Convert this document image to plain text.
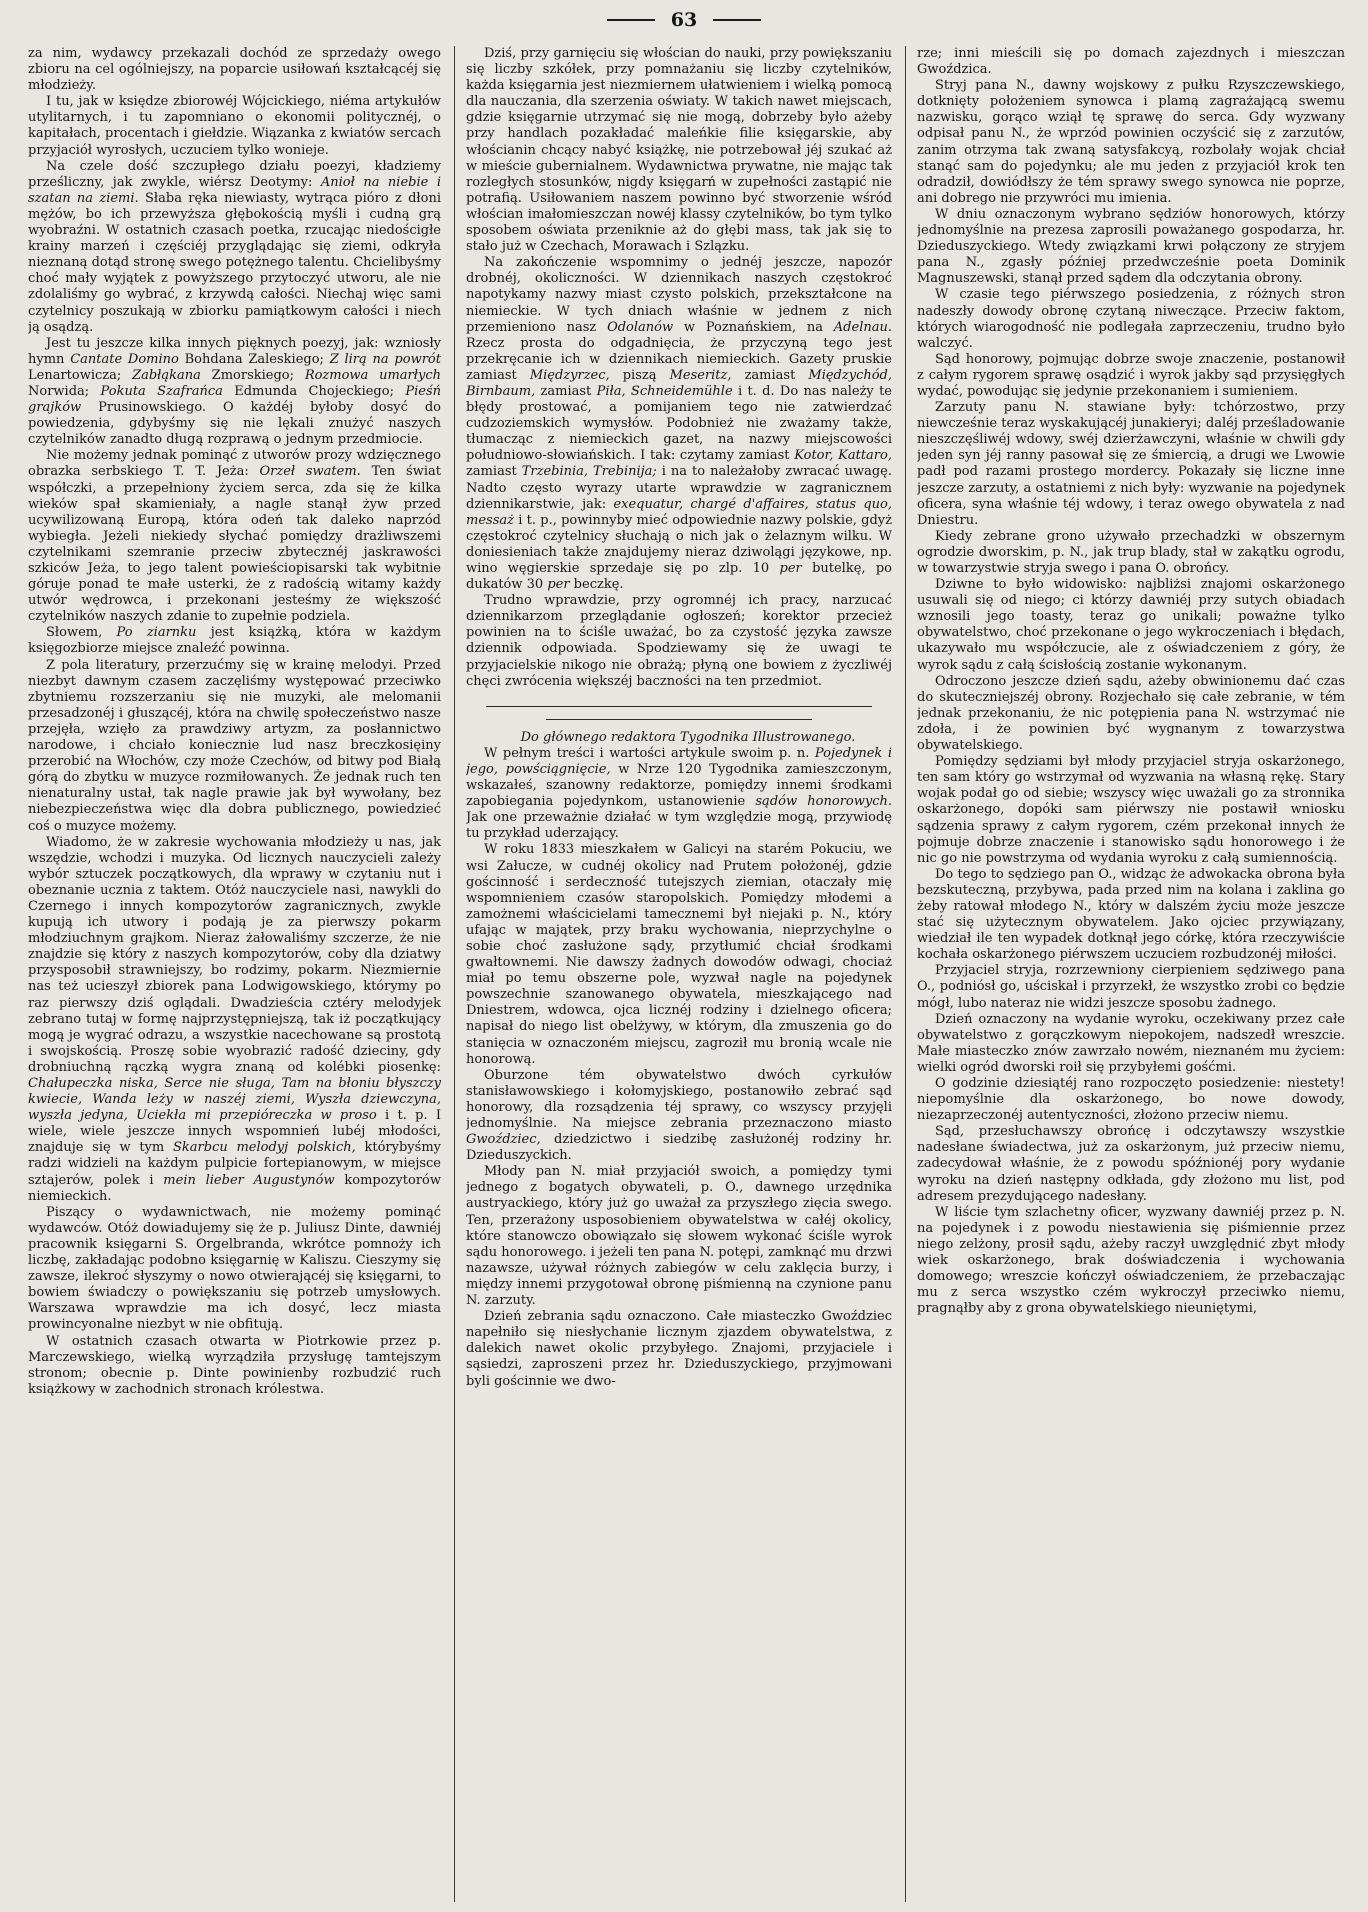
63

za nim, wydawcy przekazali dochód ze sprzedaży owego zbioru na cel ogólniejszy, na poparcie usiłowań kształcącéj się młodzieży.

I tu, jak w księdze zbiorowéj Wójcickiego, niéma artykułów utylitarnych, i tu zapomniano o ekonomii politycznéj, o kapitałach, procentach i giełdzie. Wiązanka z kwiatów sercach przyjaciół wyrosłych, uczuciem tylko wonieje.

Na czele dość szczupłego działu poezyi, kładziemy prześliczny, jak zwykle, wiérsz Deotymy: Anioł na niebie i szatan na ziemi. Słaba ręka niewiasty, wytrąca pióro z dłoni mężów, bo ich przewyższa głębokością myśli i cudną grą wyobraźni. W ostatnich czasach poetka, rzucając niedościgłe krainy marzeń i częściéj przyglądając się ziemi, odkryła nieznaną dotąd stronę swego potężnego talentu. Chcielibyśmy choć mały wyjątek z powyższego przytoczyć utworu, ale nie zdolaliśmy go wybrać, z krzywdą całości. Niechaj więc sami czytelnicy poszukają w zbiorku pamiątkowym całości i niech ją osądzą.

Jest tu jeszcze kilka innych pięknych poezyj, jak: wzniosły hymn Cantate Domino Bohdana Zaleskiego; Z lirą na powrót Lenartowicza; Zabłąkana Zmorskiego; Rozmowa umarłych Norwida; Pokuta Szafrańca Edmunda Chojeckiego; Pieśń grajków Prusinowskiego. O każdéj byłoby dosyć do powiedzenia, gdybyśmy się nie lękali znużyć naszych czytelników zanadto długą rozprawą o jednym przedmiocie.

Nie możemy jednak pominąć z utworów prozy wdzięcznego obrazka serbskiego T. T. Jeża: Orzeł swatem. Ten świat współczki, a przepełniony życiem serca, zda się że kilka wieków spał skamieniały, a nagle stanął żyw przed ucywilizowaną Europą, która odeń tak daleko naprzód wybiegła. Jeżeli niekiedy słychać pomiędzy drażliwszemi czytelnikami szemranie przeciw zbytecznéj jaskrawości szkiców Jeża, to jego talent powieściopisarski tak wybitnie góruje ponad te małe usterki, że z radością witamy każdy utwór wędrowca, i przekonani jesteśmy że większość czytelników naszych zdanie to zupełnie podziela.

Słowem, Po ziarnku jest książką, która w każdym księgozbiorze miejsce znaleźć powinna.

Z pola literatury, przerzućmy się w krainę melodyi. Przed niezbyt dawnym czasem zaczęliśmy występować przeciwko zbytniemu rozszerzaniu się nie muzyki, ale melomanii przesadzonéj i głuszącéj, która na chwilę społeczeństwo nasze przejęła, wzięło za prawdziwy artyzm, za posłannictwo narodowe, i chciało koniecznie lud nasz breczkosięiny przerobić na Włochów, czy może Czechów, od bitwy pod Białą górą do zbytku w muzyce rozmiłowanych. Że jednak ruch ten nienaturalny ustał, tak nagle prawie jak był wywołany, bez niebezpieczeństwa więc dla dobra publicznego, powiedzieć coś o muzyce możemy.

Wiadomo, że w zakresie wychowania młodzieży u nas, jak wszędzie, wchodzi i muzyka. Od licznych nauczycieli zależy wybór sztuczek początkowych, dla wprawy w czytaniu nut i obeznanie ucznia z taktem. Otóż nauczyciele nasi, nawykli do Czernego i innych kompozytorów zagranicznych, zwykle kupują ich utwory i podają je za pierwszy pokarm młodziuchnym grajkom. Nieraz żałowaliśmy szczerze, że nie znajdzie się który z naszych kompozytorów, coby dla dziatwy przysposobił strawniejszy, bo rodzimy, pokarm. Niezmiernie nas też ucieszył zbiorek pana Lodwigowskiego, którymy po raz pierwszy dziś oglądali. Dwadzieścia cztéry melodyjek zebrano tutaj w formę najprzystępniejszą, tak iż początkujący mogą je wygrać odrazu, a wszystkie nacechowane są prostotą i swojskością. Proszę sobie wyobrazić radość dzieciny, gdy drobniuchną rączką wygra znaną od kolébki piosenkę: Chałupeczka niska, Serce nie sługa, Tam na błoniu błyszczy kwiecie, Wanda leży w naszéj ziemi, Wyszła dziewczyna, wyszła jedyna, Uciekła mi przepióreczka w proso i t. p. I wiele, wiele jeszcze innych wspomnień lubéj młodości, znajduje się w tym Skarbcu melodyj polskich, którybyśmy radzi widzieli na każdym pulpicie fortepianowym, w miejsce sztajerów, polek i mein lieber Augustynów kompozytorów niemieckich.

Piszący o wydawnictwach, nie możemy pominąć wydawców. Otóż dowiadujemy się że p. Juliusz Dinte, dawniéj pracownik księgarni S. Orgelbranda, wkrótce pomnoży ich liczbę, zakładając podobno księgarnię w Kaliszu. Cieszymy się zawsze, ilekroć słyszymy o nowo otwierającéj się księgarni, to bowiem świadczy o powiększaniu się potrzeb umysłowych. Warszawa wprawdzie ma ich dosyć, lecz miasta prowincyonalne niezbyt w nie obfitują.

W ostatnich czasach otwarta w Piotrkowie przez p. Marczewskiego, wielką wyrządziła przysługę tamtejszym stronom; obecnie p. Dinte powinienby rozbudzić ruch książkowy w zachodnich stronach królestwa.

Dziś, przy garnięciu się włościan do nauki, przy powiększaniu się liczby szkółek, przy pomnażaniu się liczby czytelników, każda księgarnia jest niezmiernem ułatwieniem i wielką pomocą dla nauczania, dla szerzenia oświaty. W takich nawet miejscach, gdzie księgarnie utrzymać się nie mogą, dobrzeby było ażeby przy handlach pozakładać maleńkie filie księgarskie, aby włościanin chcący nabyć książkę, nie potrzebował jéj szukać aż w mieście gubernialnem. Wydawnictwa prywatne, nie mając tak rozległych stosunków, nigdy księgarń w zupełności zastąpić nie potrafią. Usiłowaniem naszem powinno być stworzenie wśród włościan imałomieszczan nowéj klassy czytelników, bo tym tylko sposobem oświata przeniknie aż do głębi mass, tak jak się to stało już w Czechach, Morawach i Szlązku.

Na zakończenie wspomnimy o jednéj jeszcze, napozór drobnéj, okoliczności. W dziennikach naszych częstokroć napotykamy nazwy miast czysto polskich, przekształcone na niemieckie. W tych dniach właśnie w jednem z nich przemieniono nasz Odolanów w Poznańskiem, na Adelnau. Rzecz prosta do odgadnięcia, że przyczyną tego jest przekręcanie ich w dziennikach niemieckich. Gazety pruskie zamiast Międzyrzec, piszą Meseritz, zamiast Międzychód, Birnbaum, zamiast Piła, Schneidemühle i t. d. Do nas należy te błędy prostować, a pomijaniem tego nie zatwierdzać cudzoziemskich wymysłów. Podobnież nie zważamy także, tłumacząc z niemieckich gazet, na nazwy miejscowości południowo-słowiańskich. I tak: czytamy zamiast Kotor, Kattaro, zamiast Trzebinia, Trebinija; i na to należałoby zwracać uwagę. Nadto często wyrazy utarte wprawdzie w zagranicznem dziennikarstwie, jak: exequatur, chargé d'affaires, status quo, messaż i t. p., powinnyby mieć odpowiednie nazwy polskie, gdyż częstokroć czytelnicy słuchają o nich jak o żelaznym wilku. W doniesieniach także znajdujemy nieraz dziwolągi językowe, np. wino węgierskie sprzedaje się po zlp. 10 per butelkę, po dukatów 30 per beczkę.

Trudno wprawdzie, przy ogromnéj ich pracy, narzucać dziennikarzom przeglądanie ogłoszeń; korektor przecież powinien na to ściśle uważać, bo za czystość języka zawsze dziennik odpowiada. Spodziewamy się że uwagi te przyjacielskie nikogo nie obrażą; płyną one bowiem z życzliwéj chęci zwrócenia większéj baczności na ten przedmiot.

Do głównego redaktora Tygodnika Illustrowanego.

W pełnym treści i wartości artykule swoim p. n. Pojedynek i jego, powściągnięcie, w Nrze 120 Tygodnika zamieszczonym, wskazałeś, szanowny redaktorze, pomiędzy innemi środkami zapobiegania pojedynkom, ustanowienie sądów honorowych. Jak one przeważnie działać w tym względzie mogą, przywiodę tu przykład uderzający.

W roku 1833 mieszkałem w Galicyi na starém Pokuciu, we wsi Załucze, w cudnéj okolicy nad Prutem położonéj, gdzie gościnność i serdeczność tutejszych ziemian, otaczały mię wspomnieniem czasów staropolskich. Pomiędzy młodemi a zamożnemi właścicielami tamecznemi był niejaki p. N., który ufając w majątek, przy braku wychowania, nieprzychylne o sobie choć zasłużone sądy, przytłumić chciał środkami gwałtownemi. Nie dawszy żadnych dowodów odwagi, chociaż miał po temu obszerne pole, wyzwał nagle na pojedynek powszechnie szanowanego obywatela, mieszkającego nad Dniestrem, wdowca, ojca licznéj rodziny i dzielnego oficera; napisał do niego list obelżywy, w którym, dla zmuszenia go do stanięcia w oznaczoném miejscu, zagroził mu bronią wcale nie honorową.

Oburzone tém obywatelstwo dwóch cyrkułów stanisławowskiego i kołomyjskiego, postanowiło zebrać sąd honorowy, dla rozsądzenia téj sprawy, co wszyscy przyjęli jednomyślnie. Na miejsce zebrania przeznaczono miasto Gwoździec, dziedzictwo i siedzibę zasłużonéj rodziny hr. Dzieduszyckich.

Młody pan N. miał przyjaciół swoich, a pomiędzy tymi jednego z bogatych obywateli, p. O., dawnego urzędnika austryackiego, który już go uważał za przyszłego zięcia swego. Ten, przerażony usposobieniem obywatelstwa w całéj okolicy, które stanowczo obowiązało się słowem wykonać ściśle wyrok sądu honorowego. i jeżeli ten pana N. potępi, zamknąć mu drzwi nazawsze, używał różnych zabiegów w celu zaklęcia burzy, i między innemi przygotował obronę piśmienną na czynione panu N. zarzuty.

Dzień zebrania sądu oznaczono. Całe miasteczko Gwoździec napełniło się niesłychanie licznym zjazdem obywatelstwa, z dalekich nawet okolic przybyłego. Znajomi, przyjaciele i sąsiedzi, zaproszeni przez hr. Dzieduszyckiego, przyjmowani byli gościnnie we dwo-

rze; inni mieścili się po domach zajezdnych i mieszczan Gwoździca.

Stryj pana N., dawny wojskowy z pułku Rzyszczewskiego, dotknięty położeniem synowca i plamą zagrażającą swemu nazwisku, gorąco wziął tę sprawę do serca. Gdy wyzwany odpisał panu N., że wprzód powinien oczyścić się z zarzutów, zanim otrzyma tak zwaną satysfakcyą, rozbolały wojak chciał stanąć sam do pojedynku; ale mu jeden z przyjaciół krok ten odradził, dowiódłszy że tém sprawy swego synowca nie poprze, ani dobrego nie przywróci mu imienia.

W dniu oznaczonym wybrano sędziów honorowych, którzy jednomyślnie na prezesa zaprosili poważanego gospodarza, hr. Dzieduszyckiego. Wtedy związkami krwi połączony ze stryjem pana N., zgasły później przedwcześnie poeta Dominik Magnuszewski, stanął przed sądem dla odczytania obrony.

W czasie tego piérwszego posiedzenia, z różnych stron nadeszły dowody obronę czytaną niweczące. Przeciw faktom, których wiarogodność nie podlegała zaprzeczeniu, trudno było walczyć.

Sąd honorowy, pojmując dobrze swoje znaczenie, postanowił z całym rygorem sprawę osądzić i wyrok jakby sąd przysięgłych wydać, powodując się jedynie przekonaniem i sumieniem.

Zarzuty panu N. stawiane były: tchórzostwo, przy niewcześnie teraz wyskakującéj junakieryi; daléj prześladowanie nieszczęśliwéj wdowy, swéj dzierżawczyni, właśnie w chwili gdy jeden syn jéj ranny pasował się ze śmiercią, a drugi we Lwowie padł pod razami prostego mordercy. Pokazały się liczne inne jeszcze zarzuty, a ostatniemi z nich były: wyzwanie na pojedynek oficera, syna właśnie téj wdowy, i teraz owego obywatela z nad Dniestru.

Kiedy zebrane grono używało przechadzki w obszernym ogrodzie dworskim, p. N., jak trup blady, stał w zakątku ogrodu, w towarzystwie stryja swego i pana O. obrońcy.

Dziwne to było widowisko: najbliżsi znajomi oskarżonego usuwali się od niego; ci którzy dawniéj przy sutych obiadach wznosili jego toasty, teraz go unikali; poważne tylko obywatelstwo, choć przekonane o jego wykroczeniach i błędach, ukazywało mu współczucie, ale z oświadczeniem z góry, że wyrok sądu z całą ścisłością zostanie wykonanym.

Odroczono jeszcze dzień sądu, ażeby obwinionemu dać czas do skuteczniejszéj obrony. Rozjechało się całe zebranie, w tém jednak przekonaniu, że nic potępienia pana N. wstrzymać nie zdoła, i że powinien być wygnanym z towarzystwa obywatelskiego.

Pomiędzy sędziami był młody przyjaciel stryja oskarżonego, ten sam który go wstrzymał od wyzwania na własną rękę. Stary wojak podał go od siebie; wszyscy więc uważali go za stronnika oskarżonego, dopóki sam piérwszy nie postawił wniosku sądzenia sprawy z całym rygorem, czém przekonał innych że pojmuje dobrze znaczenie i stanowisko sądu honorowego i że nic go nie powstrzyma od wydania wyroku z całą sumiennością.

Do tego to sędziego pan O., widząc że adwokacka obrona była bezskuteczną, przybywa, pada przed nim na kolana i zaklina go żeby ratował młodego N., który w dalszém życiu może jeszcze stać się użytecznym obywatelem. Jako ojciec przywiązany, wiedział ile ten wypadek dotknął jego córkę, która rzeczywiście kochała oskarżonego piérwszem uczuciem rozbudzonéj miłości.

Przyjaciel stryja, rozrzewniony cierpieniem sędziwego pana O., podniósł go, uściskał i przyrzekł, że wszystko zrobi co będzie mógł, lubo nateraz nie widzi jeszcze sposobu żadnego.

Dzień oznaczony na wydanie wyroku, oczekiwany przez całe obywatelstwo z gorączkowym niepokojem, nadszedł wreszcie. Małe miasteczko znów zawrzało nowém, nieznaném mu życiem: wielki ogród dworski roił się przybyłemi gośćmi.

O godzinie dziesiątéj rano rozpoczęto posiedzenie: niestety! niepomyślnie dla oskarżonego, bo nowe dowody, niezaprzeczonéj autentyczności, złożono przeciw niemu.

Sąd, przesłuchawszy obrońcę i odczytawszy wszystkie nadesłane świadectwa, już za oskarżonym, już przeciw niemu, zadecydował właśnie, że z powodu spóźnionéj pory wydanie wyroku na dzień następny odkłada, gdy złożono mu list, pod adresem prezydującego nadesłany.

W liście tym szlachetny oficer, wyzwany dawniéj przez p. N. na pojedynek i z powodu niestawienia się piśmiennie przez niego zelżony, prosił sądu, ażeby raczył uwzględnić zbyt młody wiek oskarżonego, brak doświadczenia i wychowania domowego; wreszcie kończył oświadczeniem, że przebaczając mu z serca wszystko czém wykroczył przeciwko niemu, pragnąłby aby z grona obywatelskiego nieuniętymi,
